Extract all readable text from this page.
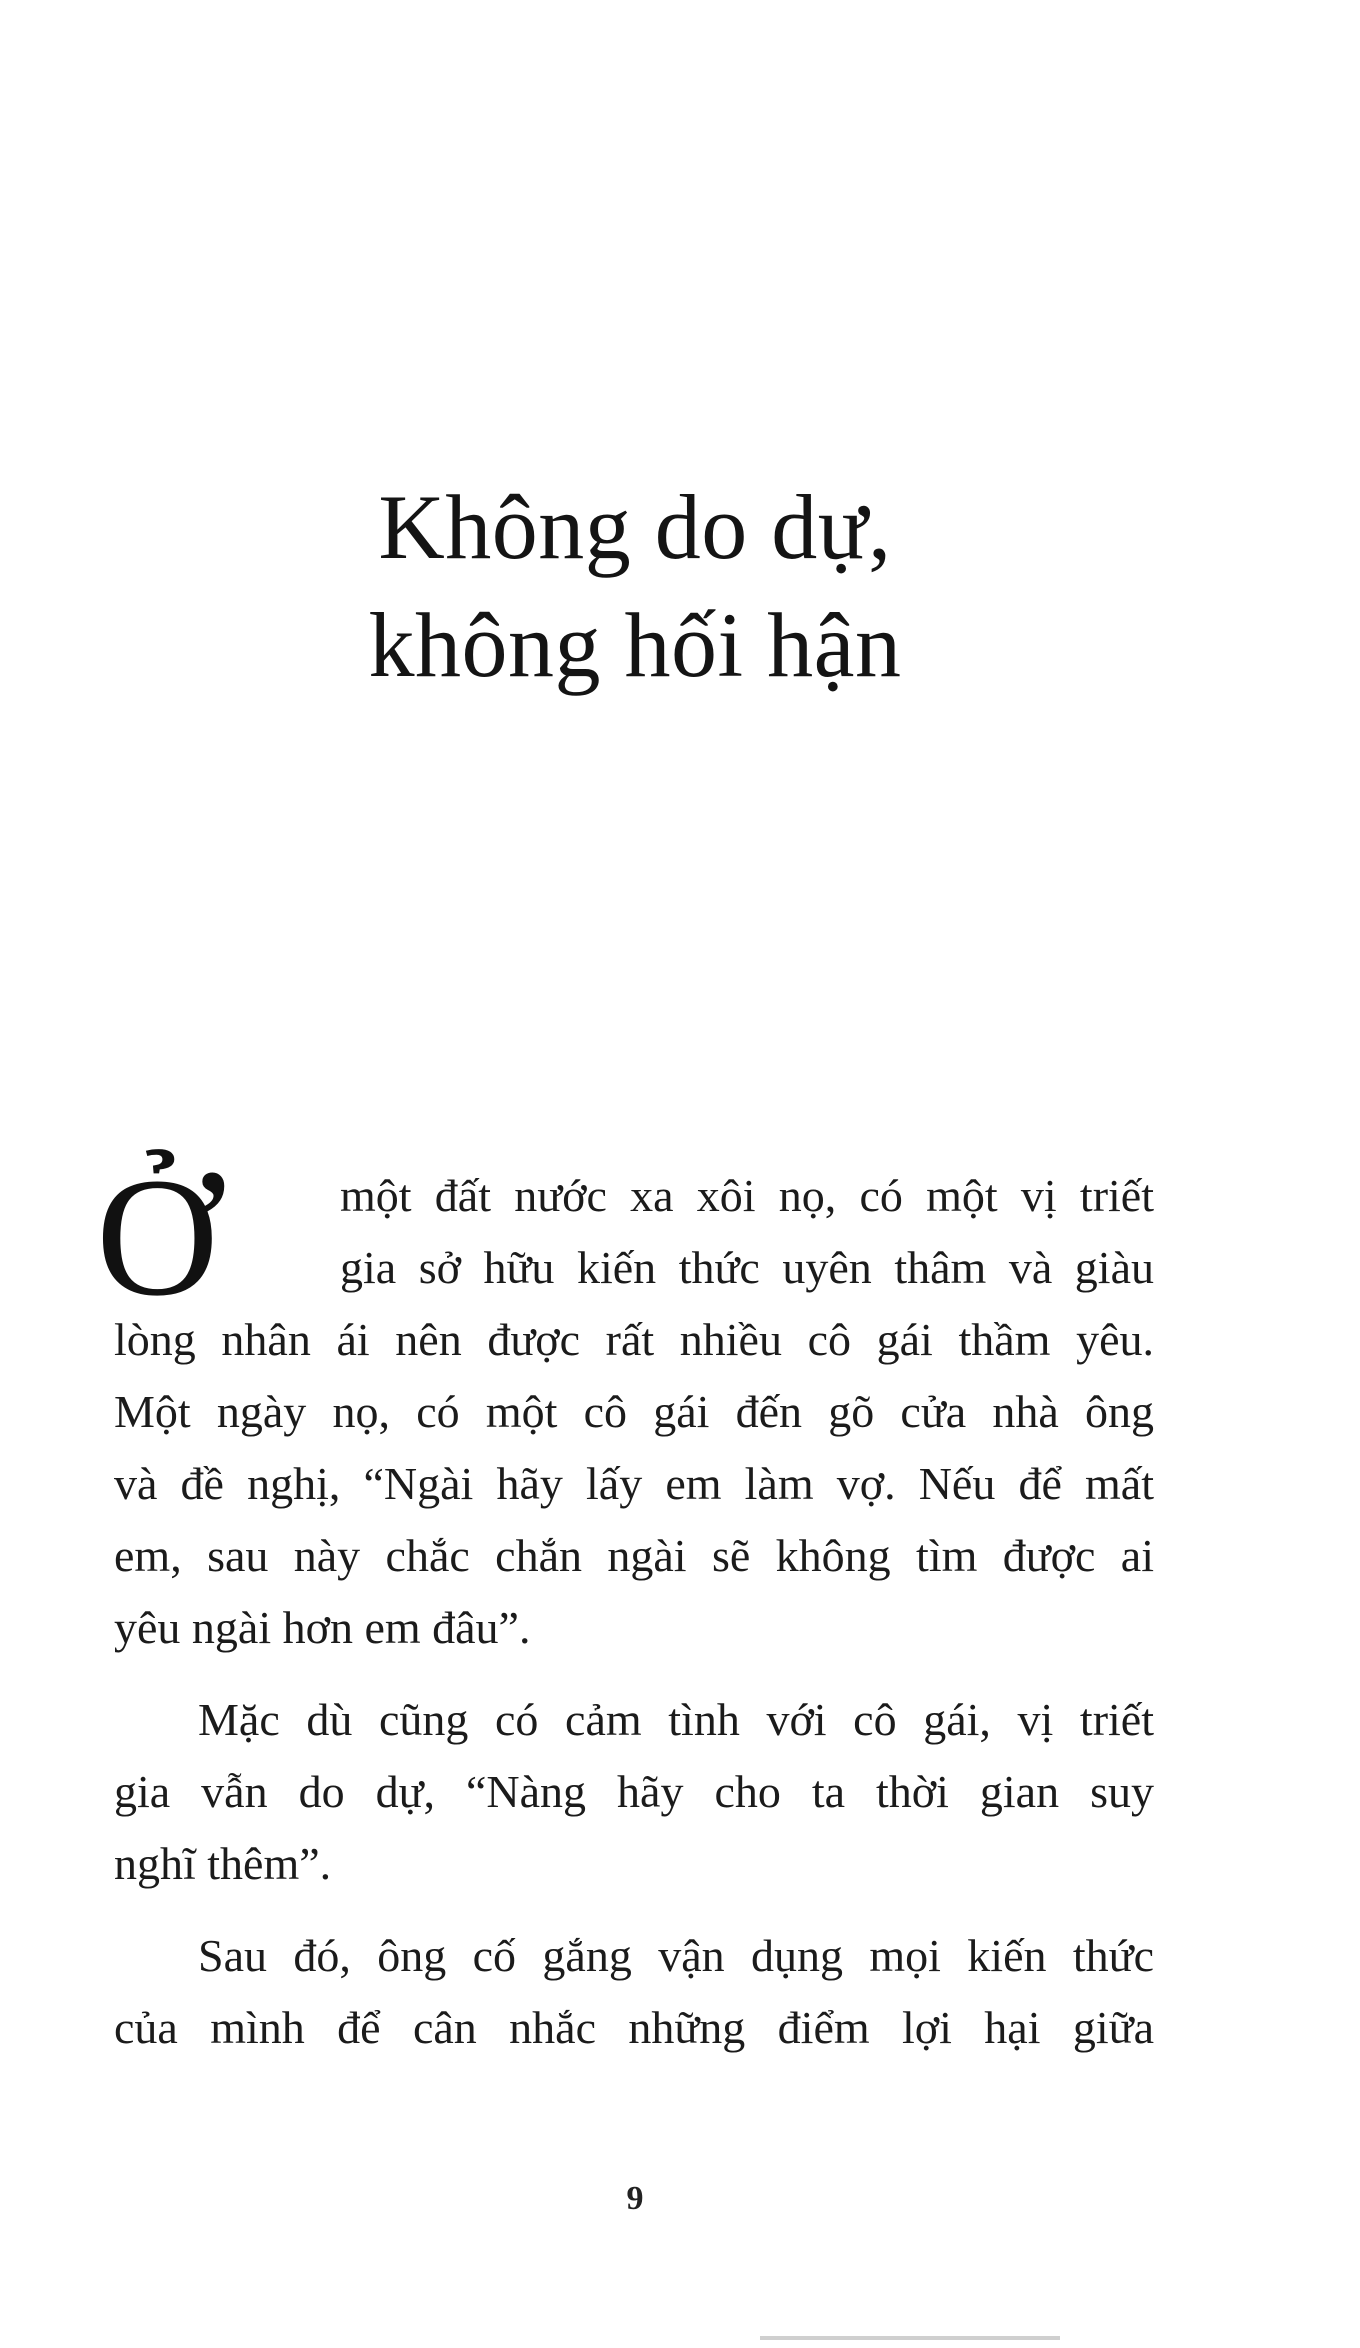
Không do dự,
không hối hận
Ở	một đất nước xa xôi nọ, có một vị triết
gia sở hữu kiến thức uyên thâm và giàu
lòng nhân ái nên được rất nhiều cô gái thầm yêu.
Một ngày nọ, có một cô gái đến gõ cửa nhà ông
và đề nghị, “Ngài hãy lấy em làm vợ. Nếu để mất
em, sau này chắc chắn ngài sẽ không tìm được ai
yêu ngài hơn em đâu”.
Mặc dù cũng có cảm tình với cô gái, vị triết
gia vẫn do dự, “Nàng hãy cho ta thời gian suy
nghĩ thêm”.
Sau đó, ông cố gắng vận dụng mọi kiến thức
của mình để cân nhắc những điểm lợi hại giữa
9
